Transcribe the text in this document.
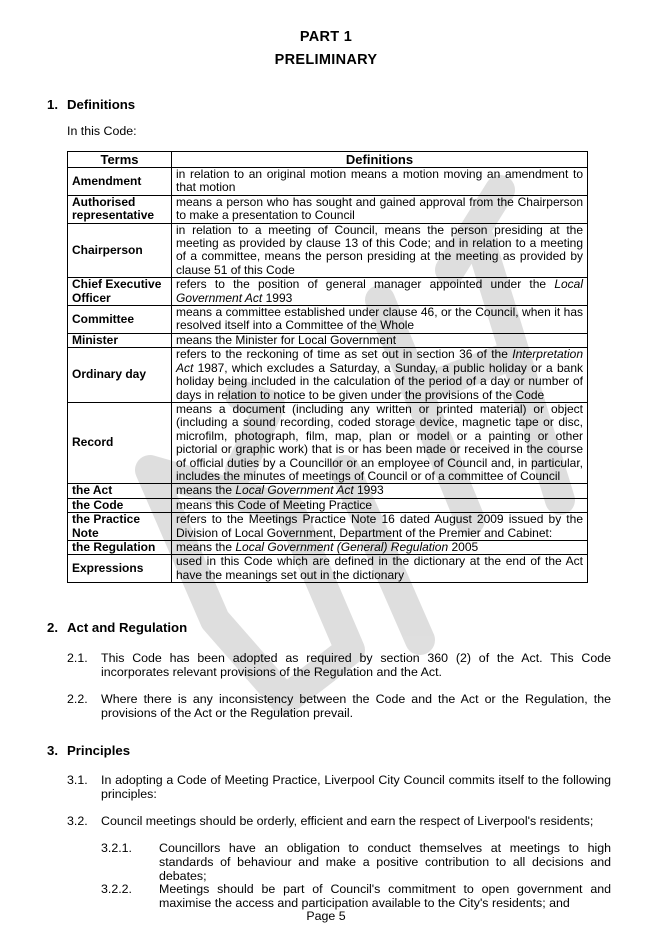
PART 1
PRELIMINARY
1. Definitions
In this Code:
Terms	Definitions
Amendment	in relation to an original motion means a motion moving an amendment to that motion
Authorised representative	means a person who has sought and gained approval from the Chairperson to make a presentation to Council
Chairperson	in relation to a meeting of Council, means the person presiding at the meeting as provided by clause 13 of this Code; and in relation to a meeting of a committee, means the person presiding at the meeting as provided by clause 51 of this Code
Chief Executive Officer	refers to the position of general manager appointed under the Local Government Act 1993
Committee	means a committee established under clause 46, or the Council, when it has resolved itself into a Committee of the Whole
Minister	means the Minister for Local Government
Ordinary day	refers to the reckoning of time as set out in section 36 of the Interpretation Act 1987, which excludes a Saturday, a Sunday, a public holiday or a bank holiday being included in the calculation of the period of a day or number of days in relation to notice to be given under the provisions of the Code
Record	means a document (including any written or printed material) or object (including a sound recording, coded storage device, magnetic tape or disc, microfilm, photograph, film, map, plan or model or a painting or other pictorial or graphic work) that is or has been made or received in the course of official duties by a Councillor or an employee of Council and, in particular, includes the minutes of meetings of Council or of a committee of Council
the Act	means the Local Government Act 1993
the Code	means this Code of Meeting Practice
the Practice Note	refers to the Meetings Practice Note 16 dated August 2009 issued by the Division of Local Government, Department of the Premier and Cabinet:
the Regulation	means the Local Government (General) Regulation 2005
Expressions	used in this Code which are defined in the dictionary at the end of the Act have the meanings set out in the dictionary
2. Act and Regulation
2.1. This Code has been adopted as required by section 360 (2) of the Act. This Code incorporates relevant provisions of the Regulation and the Act.
2.2. Where there is any inconsistency between the Code and the Act or the Regulation, the provisions of the Act or the Regulation prevail.
3. Principles
3.1. In adopting a Code of Meeting Practice, Liverpool City Council commits itself to the following principles:
3.2. Council meetings should be orderly, efficient and earn the respect of Liverpool's residents;
3.2.1. Councillors have an obligation to conduct themselves at meetings to high standards of behaviour and make a positive contribution to all decisions and debates;
3.2.2. Meetings should be part of Council's commitment to open government and maximise the access and participation available to the City's residents; and
Page 5
